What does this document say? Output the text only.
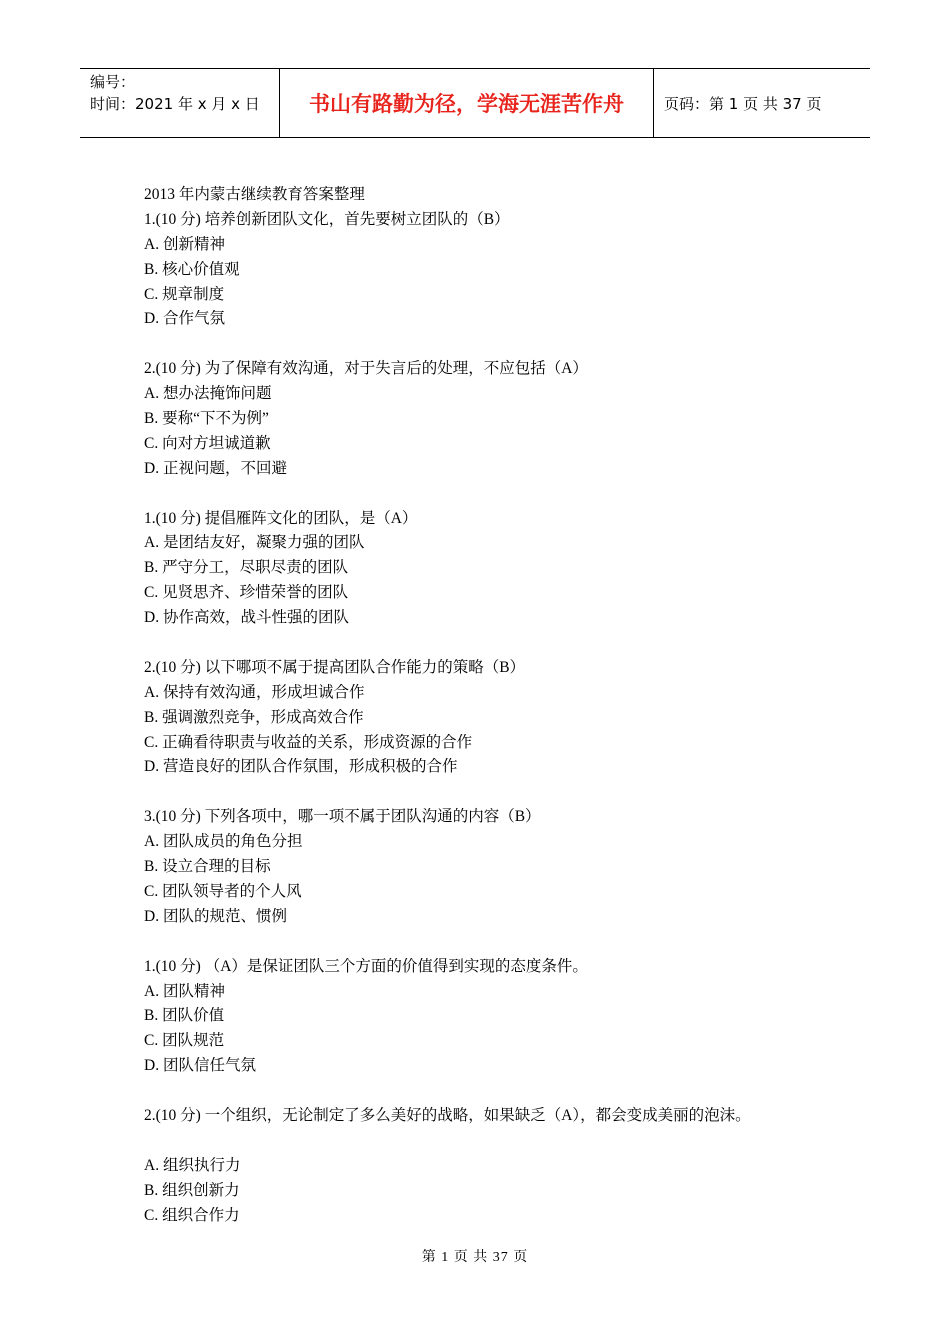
编号：
时间：2021 年 x 月 x 日	书山有路勤为径，学海无涯苦作舟	页码：第 1 页 共 37 页
2013 年内蒙古继续教育答案整理
1.(10 分) 培养创新团队文化，首先要树立团队的（B）
A. 创新精神
B. 核心价值观
C. 规章制度
D. 合作气氛
2.(10 分) 为了保障有效沟通，对于失言后的处理，不应包括（A）
A. 想办法掩饰问题
B. 要称“下不为例”
C. 向对方坦诚道歉
D. 正视问题，不回避
1.(10 分) 提倡雁阵文化的团队，是（A）
A. 是团结友好，凝聚力强的团队
B. 严守分工，尽职尽责的团队
C. 见贤思齐、珍惜荣誉的团队
D. 协作高效，战斗性强的团队
2.(10 分) 以下哪项不属于提高团队合作能力的策略（B）
A. 保持有效沟通，形成坦诚合作
B. 强调激烈竞争，形成高效合作
C. 正确看待职责与收益的关系，形成资源的合作
D. 营造良好的团队合作氛围，形成积极的合作
3.(10 分) 下列各项中，哪一项不属于团队沟通的内容（B）
A. 团队成员的角色分担
B. 设立合理的目标
C. 团队领导者的个人风
D. 团队的规范、惯例
1.(10 分) （A）是保证团队三个方面的价值得到实现的态度条件。
A. 团队精神
B. 团队价值
C. 团队规范
D. 团队信任气氛
2.(10 分) 一个组织，无论制定了多么美好的战略，如果缺乏（A），都会变成美丽的泡沫。
A. 组织执行力
B. 组织创新力
C. 组织合作力
第 1 页 共 37 页
